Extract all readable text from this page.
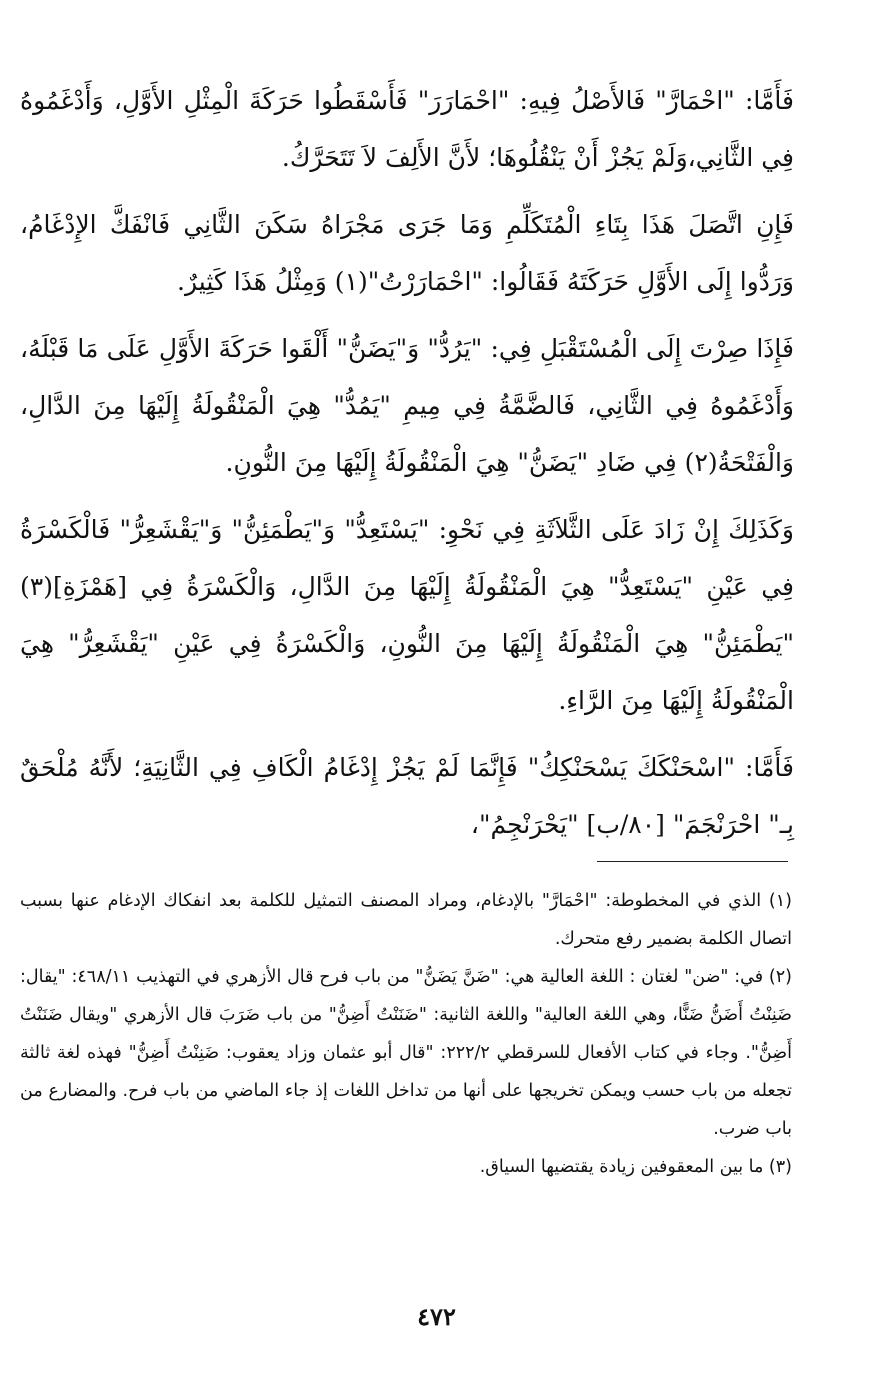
فَأَمَّا: "احْمَارَّ" فَالأَصْلُ فِيهِ: "احْمَارَرَ" فَأَسْقَطُوا حَرَكَةَ الْمِثْلِ الأَوَّلِ، وَأَدْغَمُوهُ فِي الثَّانِي،وَلَمْ يَجُزْ أَنْ يَنْقُلُوهَا؛ لأَنَّ الأَلِفَ لاَ تَتَحَرَّكُ.

فَإِنِ اتَّصَلَ هَذَا بِتَاءِ الْمُتَكَلِّمِ وَمَا جَرَى مَجْرَاهُ سَكَنَ الثَّانِي فَانْفَكَّ الإِدْغَامُ، وَرَدُّوا إِلَى الأَوَّلِ حَرَكَتَهُ فَقَالُوا: "احْمَارَرْتُ"(١) وَمِثْلُ هَذَا كَثِيرٌ.

فَإِذَا صِرْتَ إِلَى الْمُسْتَقْبَلِ فِي: "يَرُدُّ" وَ"يَضَنُّ" أَلْقَوا حَرَكَةَ الأَوَّلِ عَلَى مَا قَبْلَهُ، وَأَدْغَمُوهُ فِي الثَّانِي، فَالضَّمَّةُ فِي مِيمِ "يَمُدُّ" هِيَ الْمَنْقُولَةُ إِلَيْهَا مِنَ الدَّالِ، وَالْفَتْحَةُ(٢) فِي ضَادِ "يَضَنُّ" هِيَ الْمَنْقُولَةُ إِلَيْهَا مِنَ النُّونِ.

وَكَذَلِكَ إِنْ زَادَ عَلَى الثَّلاَثَةِ فِي نَحْوِ: "يَسْتَعِدُّ" وَ"يَطْمَئِنُّ" وَ"يَقْشَعِرُّ" فَالْكَسْرَةُ فِي عَيْنِ "يَسْتَعِدُّ" هِيَ الْمَنْقُولَةُ إِلَيْهَا مِنَ الدَّالِ، وَالْكَسْرَةُ فِي [هَمْزَةِ](٣) "يَطْمَئِنُّ" هِيَ الْمَنْقُولَةُ إِلَيْهَا مِنَ النُّونِ، وَالْكَسْرَةُ فِي عَيْنِ "يَقْشَعِرُّ" هِيَ الْمَنْقُولَةُ إِلَيْهَا مِنَ الرَّاءِ.

فَأَمَّا: "اسْحَنْكَكَ يَسْحَنْكِكُ" فَإِنَّمَا لَمْ يَجُزْ إِدْغَامُ الْكَافِ فِي الثَّانِيَةِ؛ لأَنَّهُ مُلْحَقٌ بِـ" احْرَنْجَمَ" [٨٠/ب] "يَحْرَنْجِمُ"،

(١) الذي في المخطوطة: "احْمَارَّ" بالإدغام، ومراد المصنف التمثيل للكلمة بعد انفكاك الإدغام عنها بسبب اتصال الكلمة بضمير رفع متحرك.

(٢) في: "ضن" لغتان : اللغة العالية هي: "ضَنَّ يَضَنُّ" من باب فرح قال الأزهري في التهذيب ٤٦٨/١١: "يقال: ضَنِنْتُ أَضَنُّ ضَنًّا، وهي اللغة العالية" واللغة الثانية: "ضَنَنْتُ أَضِنُّ" من باب ضَرَبَ قال الأزهري "ويقال ضَنَنْتُ أَضِنُّ". وجاء في كتاب الأفعال للسرقطي ٢٢٢/٢: "قال أبو عثمان وزاد يعقوب: ضَنِنْتُ أَضِنُّ" فهذه لغة ثالثة تجعله من باب حسب ويمكن تخريجها على أنها من تداخل اللغات إذ جاء الماضي من باب فرح. والمضارع من باب ضرب.

(٣) ما بين المعقوفين زيادة يقتضيها السياق.

٤٧٢
